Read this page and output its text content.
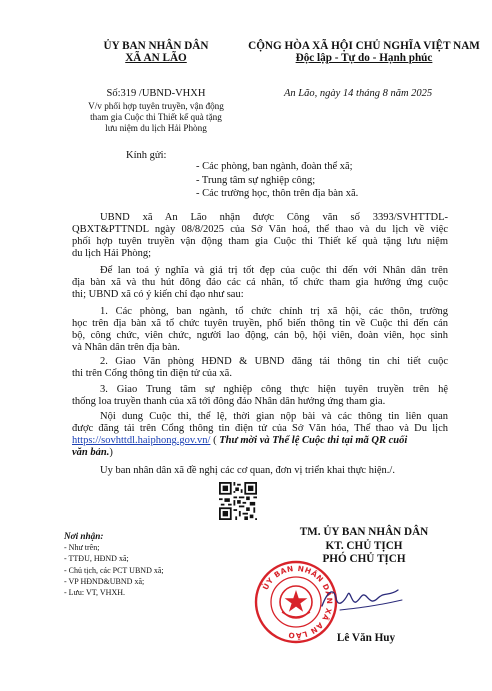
ỦY BAN NHÂN DÂN
XÃ AN LÃO
Số:319 /UBND-VHXH
V/v phối hợp tuyên truyền, vận động
tham gia Cuộc thi Thiết kế quà tặng
lưu niệm du lịch Hải Phòng
CỘNG HÒA XÃ HỘI CHỦ NGHĨA VIỆT NAM
Độc lập - Tự do - Hạnh phúc
An Lão, ngày 14 tháng 8 năm 2025
Kính gửi:
- Các phòng, ban ngành, đoàn thể xã;
- Trung tâm sự nghiệp công;
- Các trường học, thôn trên địa bàn xã.
UBND xã An Lão nhận được Công văn số 3393/SVHTTDL-
QBXT&PTTNDL ngày 08/8/2025 của Sở Văn hoá, thể thao và du lịch về việc
phối hợp tuyên truyền vận động tham gia Cuộc thi Thiết kế quà tặng lưu niệm
du lịch Hải Phòng;
Để lan toả ý nghĩa và giá trị tốt đẹp của cuộc thi đến với Nhân dân trên
địa bàn xã và thu hút đông đảo các cá nhân, tổ chức tham gia hưởng ứng cuộc
thi; UBND xã có ý kiến chỉ đạo như sau:
1. Các phòng, ban ngành, tổ chức chính trị xã hội, các thôn, trường
học trên địa bàn xã tổ chức tuyên truyền, phổ biến thông tin về Cuộc thi đến cán
bộ, công chức, viên chức, người lao động, cán bộ, hội viên, đoàn viên, học sinh
và Nhân dân trên địa bàn.
2. Giao Văn phòng HĐND & UBND đăng tải thông tin chi tiết cuộc
thi trên Cổng thông tin điện tử của xã.
3. Giao Trung tâm sự nghiệp công thực hiện tuyên truyền trên hệ
thống loa truyền thanh của xã tới đông đảo Nhân dân hưởng ứng tham gia.
Nội dung Cuộc thi, thể lệ, thời gian nộp bài và các thông tin liên quan
được đăng tải trên Cổng thông tin điện tử của Sở Văn hóa, Thể thao và Du lịch
https://sovhttdl.haiphong.gov.vn/ ( Thư mời và Thể lệ Cuộc thi tại mã QR cuối
văn bản.)
Uy ban nhân dân xã đề nghị các cơ quan, đơn vị triển khai thực hiện./.
Nơi nhận:
- Như trên;
- TTĐU, HĐND xã;
- Chủ tịch, các PCT UBND xã;
- VP HĐND&UBND xã;
- Lưu: VT, VHXH.
TM. ỦY BAN NHÂN DÂN
KT. CHỦ TỊCH
PHÓ CHỦ TỊCH
ỦY BAN NHÂN DÂN XÃ AN LÃO	Lê Văn Huy
